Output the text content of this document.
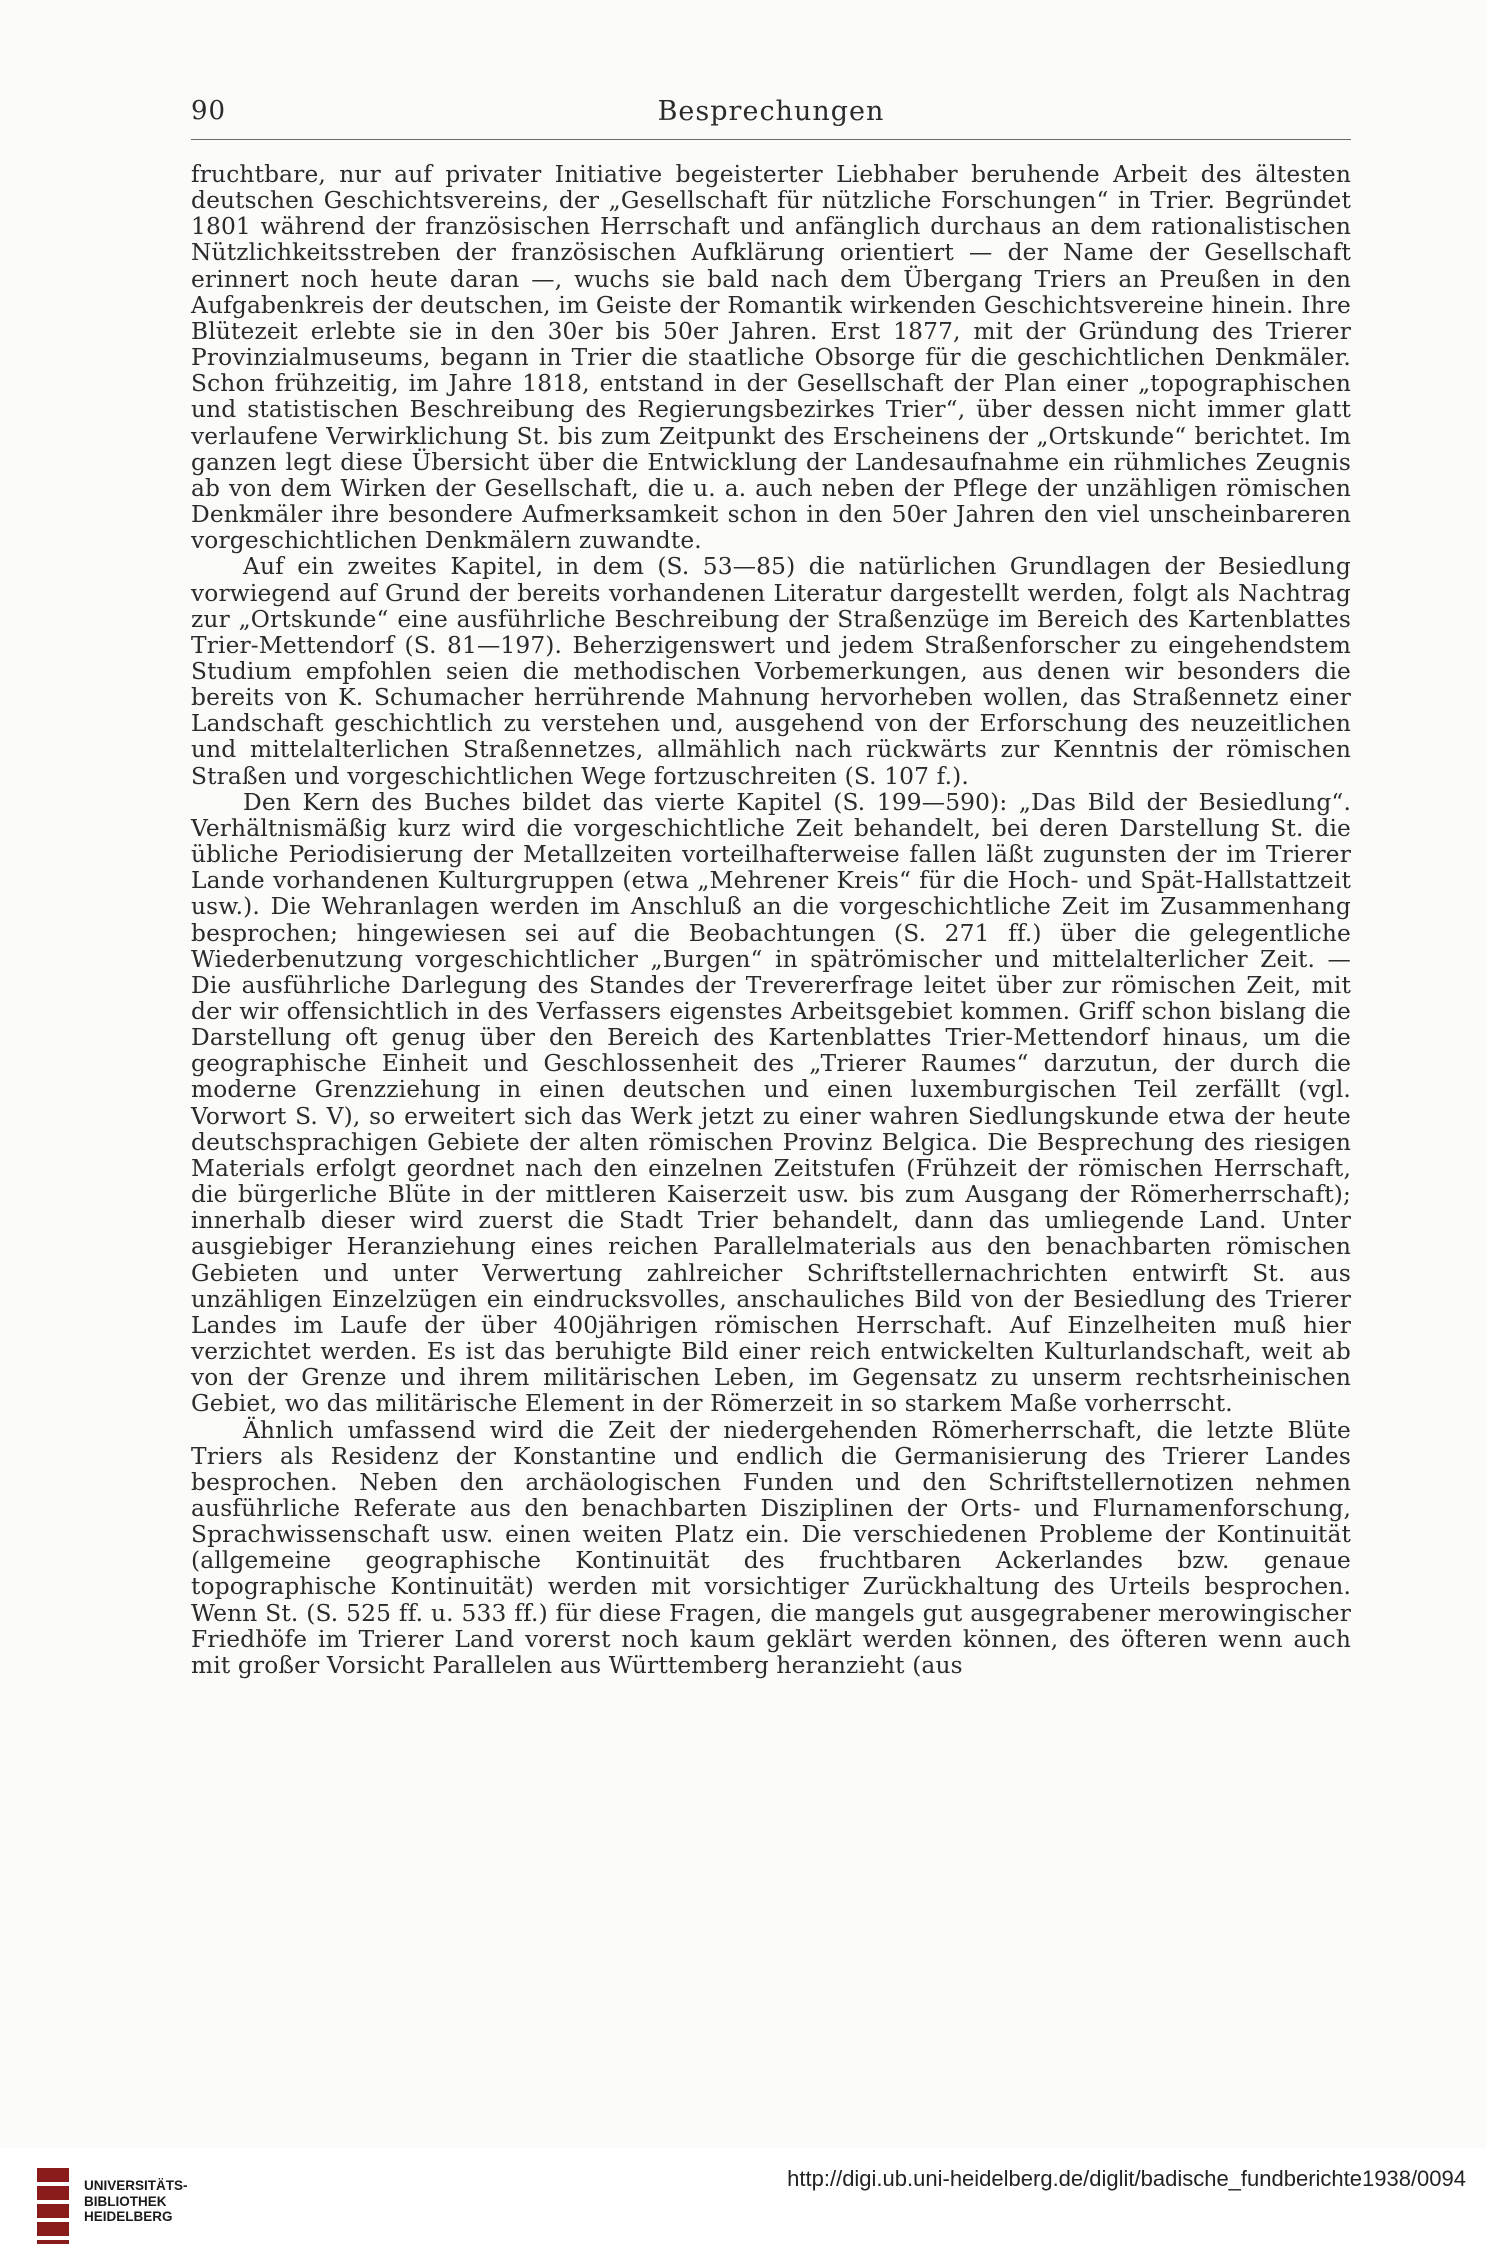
90	Besprechungen

fruchtbare, nur auf privater Initiative begeisterter Liebhaber beruhende Arbeit des ältesten deutschen Geschichtsvereins, der „Gesellschaft für nützliche Forschungen“ in Trier. Begründet 1801 während der französischen Herrschaft und anfänglich durchaus an dem rationalistischen Nützlichkeitsstreben der französischen Aufklärung orientiert — der Name der Gesellschaft erinnert noch heute daran —, wuchs sie bald nach dem Übergang Triers an Preußen in den Aufgabenkreis der deutschen, im Geiste der Romantik wirkenden Geschichtsvereine hinein. Ihre Blütezeit erlebte sie in den 30er bis 50er Jahren. Erst 1877, mit der Gründung des Trierer Provinzialmuseums, begann in Trier die staatliche Obsorge für die geschichtlichen Denkmäler. Schon frühzeitig, im Jahre 1818, entstand in der Gesellschaft der Plan einer „topographischen und statistischen Beschreibung des Regierungsbezirkes Trier“, über dessen nicht immer glatt verlaufene Verwirklichung St. bis zum Zeitpunkt des Erscheinens der „Ortskunde“ berichtet. Im ganzen legt diese Übersicht über die Entwicklung der Landesaufnahme ein rühmliches Zeugnis ab von dem Wirken der Gesellschaft, die u. a. auch neben der Pflege der unzähligen römischen Denkmäler ihre besondere Aufmerksamkeit schon in den 50er Jahren den viel unscheinbareren vorgeschichtlichen Denkmälern zuwandte.

Auf ein zweites Kapitel, in dem (S. 53—85) die natürlichen Grundlagen der Besiedlung vorwiegend auf Grund der bereits vorhandenen Literatur dargestellt werden, folgt als Nachtrag zur „Ortskunde“ eine ausführliche Beschreibung der Straßenzüge im Bereich des Kartenblattes Trier-Mettendorf (S. 81—197). Beherzigenswert und jedem Straßenforscher zu eingehendstem Studium empfohlen seien die methodischen Vorbemerkungen, aus denen wir besonders die bereits von K. Schumacher herrührende Mahnung hervorheben wollen, das Straßennetz einer Landschaft geschichtlich zu verstehen und, ausgehend von der Erforschung des neuzeitlichen und mittelalterlichen Straßennetzes, allmählich nach rückwärts zur Kenntnis der römischen Straßen und vorgeschichtlichen Wege fortzuschreiten (S. 107 f.).

Den Kern des Buches bildet das vierte Kapitel (S. 199—590): „Das Bild der Besiedlung“. Verhältnismäßig kurz wird die vorgeschichtliche Zeit behandelt, bei deren Darstellung St. die übliche Periodisierung der Metallzeiten vorteilhafterweise fallen läßt zugunsten der im Trierer Lande vorhandenen Kulturgruppen (etwa „Mehrener Kreis“ für die Hoch- und Spät-Hallstattzeit usw.). Die Wehranlagen werden im Anschluß an die vorgeschichtliche Zeit im Zusammenhang besprochen; hingewiesen sei auf die Beobachtungen (S. 271 ff.) über die gelegentliche Wiederbenutzung vorgeschichtlicher „Burgen“ in spätrömischer und mittelalterlicher Zeit. — Die ausführliche Darlegung des Standes der Trevererfrage leitet über zur römischen Zeit, mit der wir offensichtlich in des Verfassers eigenstes Arbeitsgebiet kommen. Griff schon bislang die Darstellung oft genug über den Bereich des Kartenblattes Trier-Mettendorf hinaus, um die geographische Einheit und Geschlossenheit des „Trierer Raumes“ darzutun, der durch die moderne Grenzziehung in einen deutschen und einen luxemburgischen Teil zerfällt (vgl. Vorwort S. V), so erweitert sich das Werk jetzt zu einer wahren Siedlungskunde etwa der heute deutschsprachigen Gebiete der alten römischen Provinz Belgica. Die Besprechung des riesigen Materials erfolgt geordnet nach den einzelnen Zeitstufen (Frühzeit der römischen Herrschaft, die bürgerliche Blüte in der mittleren Kaiserzeit usw. bis zum Ausgang der Römerherrschaft); innerhalb dieser wird zuerst die Stadt Trier behandelt, dann das umliegende Land. Unter ausgiebiger Heranziehung eines reichen Parallelmaterials aus den benachbarten römischen Gebieten und unter Verwertung zahlreicher Schriftstellernachrichten entwirft St. aus unzähligen Einzelzügen ein eindrucksvolles, anschauliches Bild von der Besiedlung des Trierer Landes im Laufe der über 400jährigen römischen Herrschaft. Auf Einzelheiten muß hier verzichtet werden. Es ist das beruhigte Bild einer reich entwickelten Kulturlandschaft, weit ab von der Grenze und ihrem militärischen Leben, im Gegensatz zu unserm rechtsrheinischen Gebiet, wo das militärische Element in der Römerzeit in so starkem Maße vorherrscht.

Ähnlich umfassend wird die Zeit der niedergehenden Römerherrschaft, die letzte Blüte Triers als Residenz der Konstantine und endlich die Germanisierung des Trierer Landes besprochen. Neben den archäologischen Funden und den Schriftstellernotizen nehmen ausführliche Referate aus den benachbarten Disziplinen der Orts- und Flurnamenforschung, Sprachwissenschaft usw. einen weiten Platz ein. Die verschiedenen Probleme der Kontinuität (allgemeine geographische Kontinuität des fruchtbaren Ackerlandes bzw. genaue topographische Kontinuität) werden mit vorsichtiger Zurückhaltung des Urteils besprochen. Wenn St. (S. 525 ff. u. 533 ff.) für diese Fragen, die mangels gut ausgegrabener merowingischer Friedhöfe im Trierer Land vorerst noch kaum geklärt werden können, des öfteren wenn auch mit großer Vorsicht Parallelen aus Württemberg heranzieht (aus

UNIVERSITÄTS-
BIBLIOTHEK
HEIDELBERG
http://digi.ub.uni-heidelberg.de/diglit/badische_fundberichte1938/0094
